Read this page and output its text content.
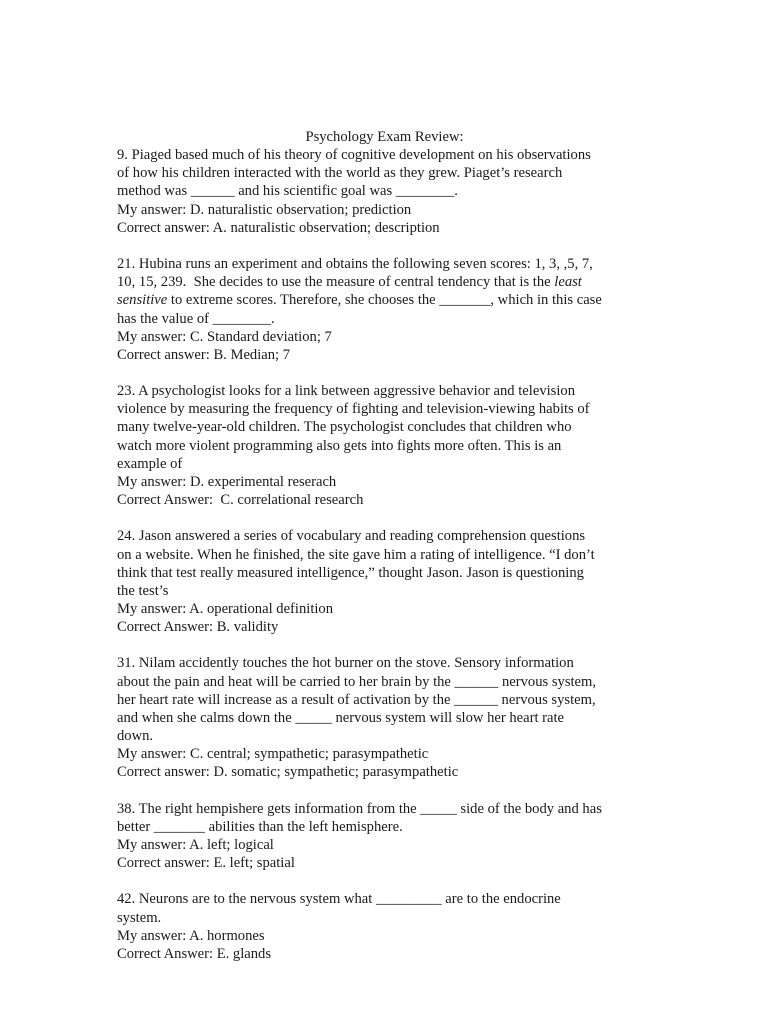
Psychology Exam Review:
9. Piaged based much of his theory of cognitive development on his observations
of how his children interacted with the world as they grew. Piaget’s research
method was ______ and his scientific goal was ________.
My answer: D. naturalistic observation; prediction
Correct answer: A. naturalistic observation; description
21. Hubina runs an experiment and obtains the following seven scores: 1, 3, ,5, 7,
10, 15, 239.  She decides to use the measure of central tendency that is the least
sensitive to extreme scores. Therefore, she chooses the _______, which in this case
has the value of ________.
My answer: C. Standard deviation; 7
Correct answer: B. Median; 7
23. A psychologist looks for a link between aggressive behavior and television
violence by measuring the frequency of fighting and television-viewing habits of
many twelve-year-old children. The psychologist concludes that children who
watch more violent programming also gets into fights more often. This is an
example of
My answer: D. experimental reserach
Correct Answer:  C. correlational research
24. Jason answered a series of vocabulary and reading comprehension questions
on a website. When he finished, the site gave him a rating of intelligence. “I don’t
think that test really measured intelligence,” thought Jason. Jason is questioning
the test’s
My answer: A. operational definition
Correct Answer: B. validity
31. Nilam accidently touches the hot burner on the stove. Sensory information
about the pain and heat will be carried to her brain by the ______ nervous system,
her heart rate will increase as a result of activation by the ______ nervous system,
and when she calms down the _____ nervous system will slow her heart rate
down.
My answer: C. central; sympathetic; parasympathetic
Correct answer: D. somatic; sympathetic; parasympathetic
38. The right hempishere gets information from the _____ side of the body and has
better _______ abilities than the left hemisphere.
My answer: A. left; logical
Correct answer: E. left; spatial
42. Neurons are to the nervous system what _________ are to the endocrine
system.
My answer: A. hormones
Correct Answer: E. glands
